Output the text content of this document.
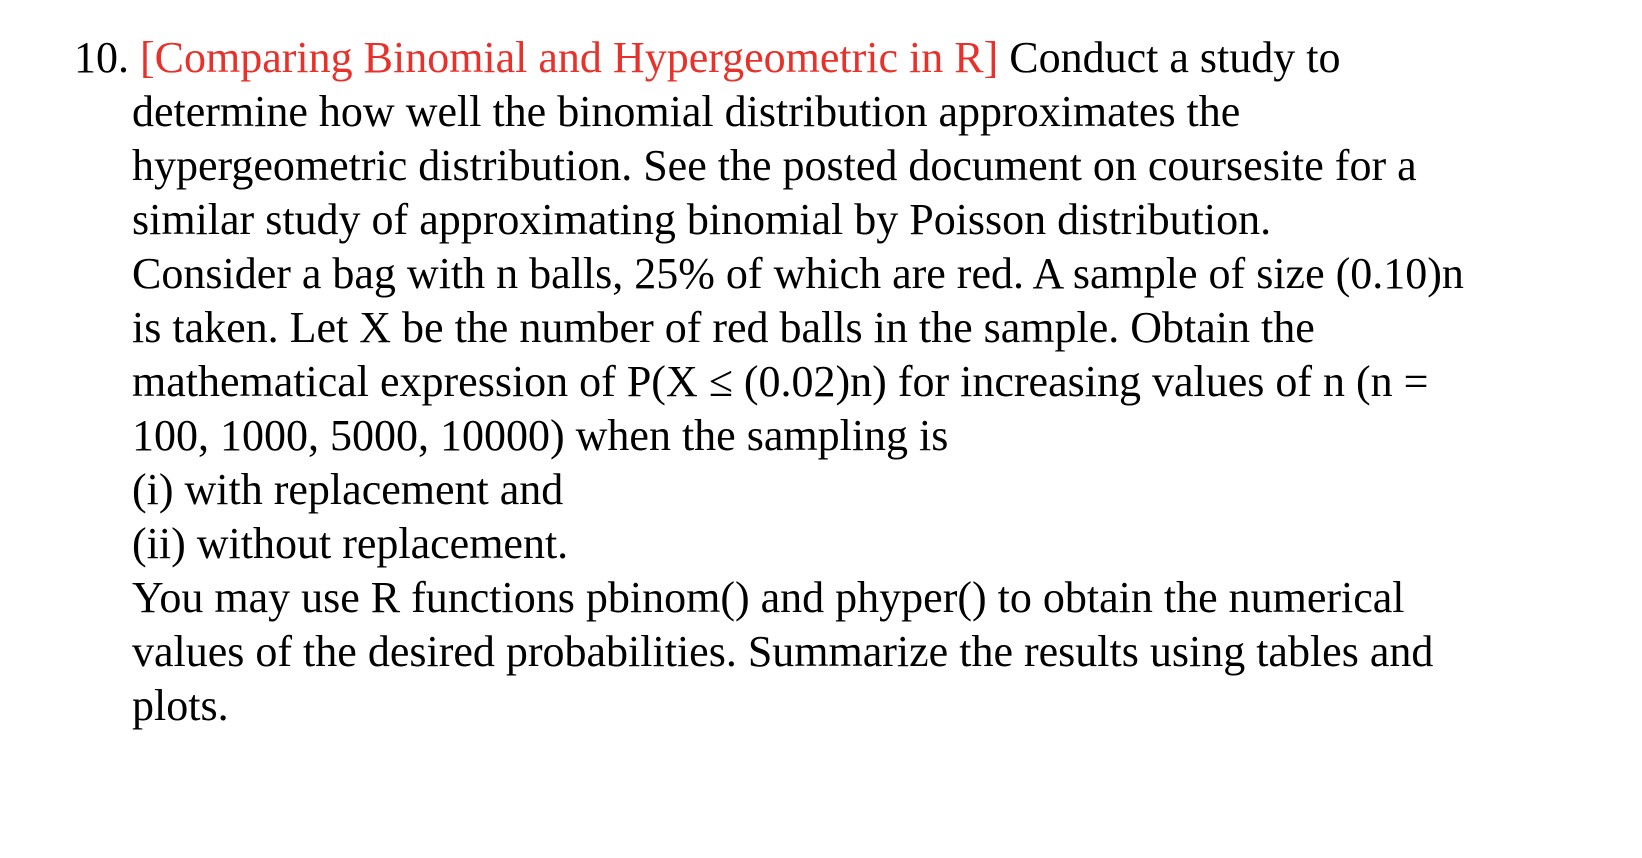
10. [Comparing Binomial and Hypergeometric in R] Conduct a study to
determine how well the binomial distribution approximates the
hypergeometric distribution. See the posted document on coursesite for a
similar study of approximating binomial by Poisson distribution.
Consider a bag with n balls, 25% of which are red. A sample of size (0.10)n
is taken. Let X be the number of red balls in the sample. Obtain the
mathematical expression of P(X ≤ (0.02)n) for increasing values of n (n =
100, 1000, 5000, 10000) when the sampling is
(i) with replacement and
(ii) without replacement.
You may use R functions pbinom() and phyper() to obtain the numerical
values of the desired probabilities. Summarize the results using tables and
plots.
